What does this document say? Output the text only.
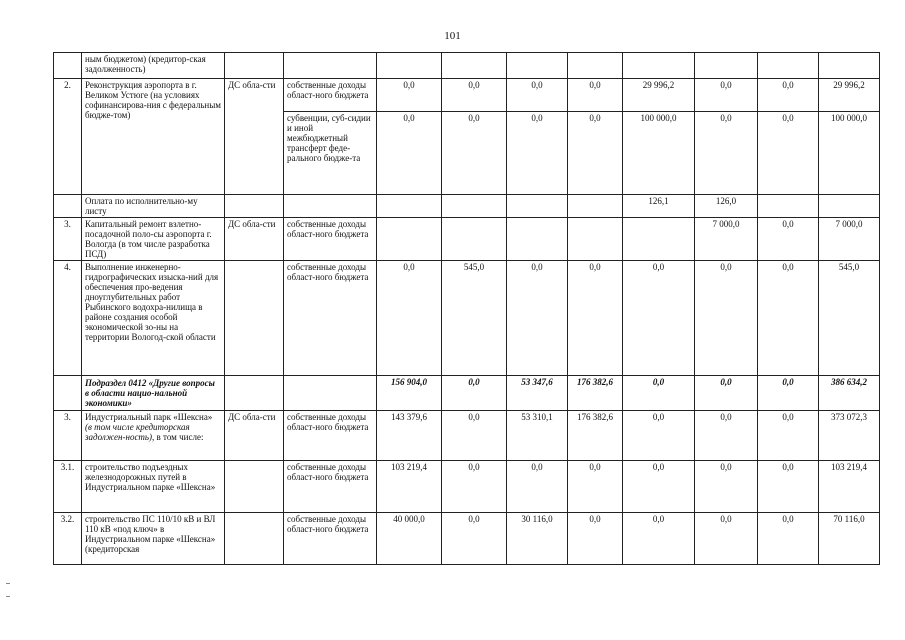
101
	ным бюджетом) (кредитор-ская задолженность)										
2.	Реконструкция аэропорта в г. Великом Устюге (на условиях софинансирова-ния с федеральным бюдже-том)	ДС обла-сти	собственные доходы област-ного бюджета	0,0	0,0	0,0	0,0	29 996,2	0,0	0,0	29 996,2
			субвенции, суб-сидии и иной межбюджетный трансферт феде-рального бюдже-та	0,0	0,0	0,0	0,0	100 000,0	0,0	0,0	100 000,0
	Оплата по исполнительно-му листу							126,1	126,0		
3.	Капитальный ремонт взлетно-посадочной поло-сы аэропорта г. Вологда (в том числе разработка ПСД)	ДС обла-сти	собственные доходы област-ного бюджета						7 000,0	0,0	7 000,0
4.	Выполнение инженерно-гидрографических изыска-ний для обеспечения про-ведения дноуглубительных работ Рыбинского водохра-нилища в районе создания особой экономической зо-ны на территории Вологод-ской области		собственные доходы област-ного бюджета	0,0	545,0	0,0	0,0	0,0	0,0	0,0	545,0
	Подраздел 0412 «Другие вопросы в области нацио-нальной экономики»			156 904,0	0,0	53 347,6	176 382,6	0,0	0,0	0,0	386 634,2
3.	Индустриальный парк «Шексна» (в том числе кредиторская задолжен-ность), в том числе:	ДС обла-сти	собственные доходы област-ного бюджета	143 379,6	0,0	53 310,1	176 382,6	0,0	0,0	0,0	373 072,3
3.1.	строительство подъездных железнодорожных путей в Индустриальном парке «Шексна»		собственные доходы област-ного бюджета	103 219,4	0,0	0,0	0,0	0,0	0,0	0,0	103 219,4
3.2.	строительство ПС 110/10 кВ и ВЛ 110 кВ «под ключ» в Индустриальном парке «Шексна» (кредиторская		собственные доходы област-ного бюджета	40 000,0	0,0	30 116,0	0,0	0,0	0,0	0,0	70 116,0
